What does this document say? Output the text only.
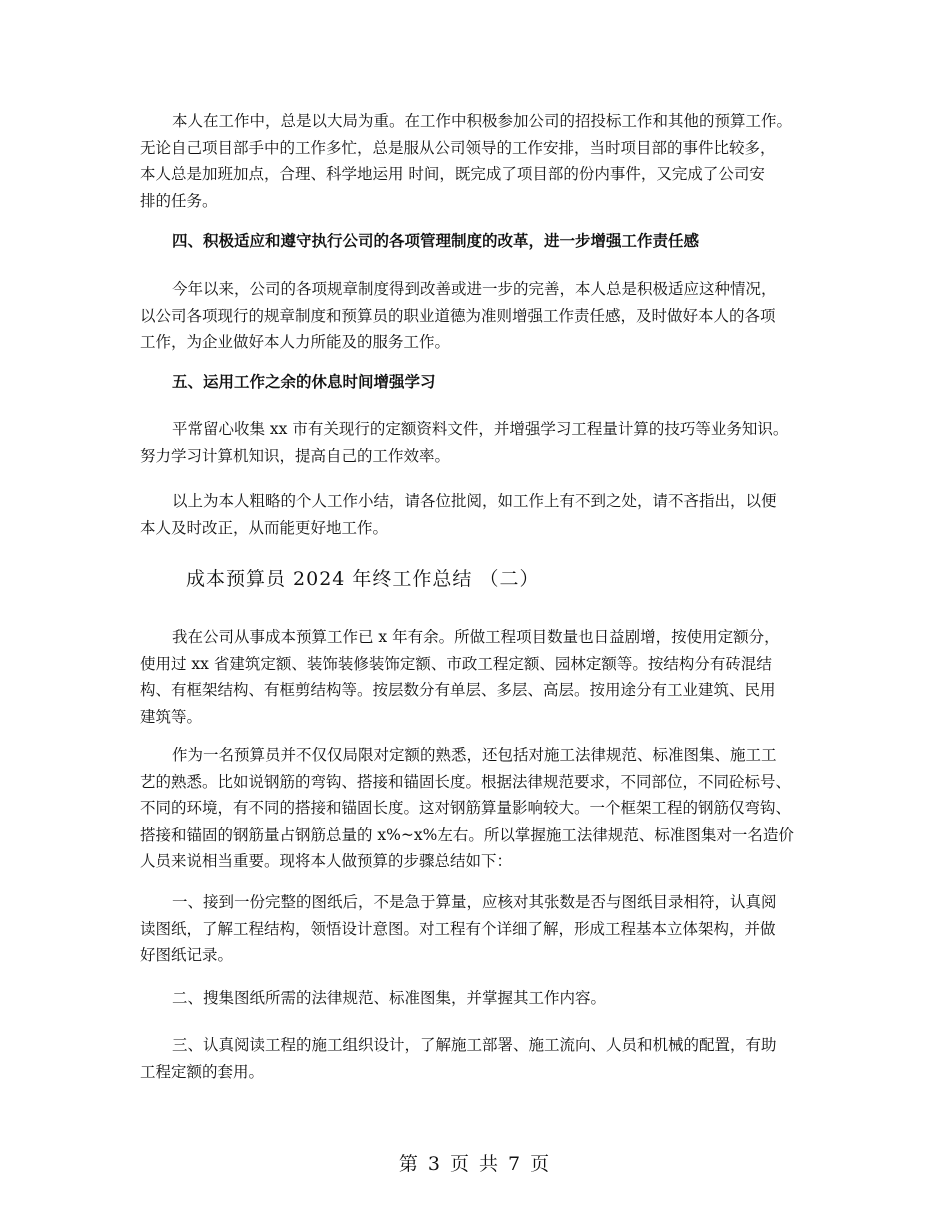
本人在工作中，总是以大局为重。在工作中积极参加公司的招投标工作和其他的预算工作。
无论自己项目部手中的工作多忙，总是服从公司领导的工作安排，当时项目部的事件比较多，
本人总是加班加点，合理、科学地运用 时间，既完成了项目部的份内事件，又完成了公司安
排的任务。
四、积极适应和遵守执行公司的各项管理制度的改革，进一步增强工作责任感
今年以来，公司的各项规章制度得到改善或进一步的完善，本人总是积极适应这种情况，
以公司各项现行的规章制度和预算员的职业道德为准则增强工作责任感，及时做好本人的各项
工作，为企业做好本人力所能及的服务工作。
五、运用工作之余的休息时间增强学习
平常留心收集 xx 市有关现行的定额资料文件，并增强学习工程量计算的技巧等业务知识。
努力学习计算机知识，提高自己的工作效率。
以上为本人粗略的个人工作小结，请各位批阅，如工作上有不到之处，请不吝指出，以便
本人及时改正，从而能更好地工作。
成本预算员 2024 年终工作总结 （二）
我在公司从事成本预算工作已 x 年有余。所做工程项目数量也日益剧增，按使用定额分，
使用过 xx 省建筑定额、装饰装修装饰定额、市政工程定额、园林定额等。按结构分有砖混结
构、有框架结构、有框剪结构等。按层数分有单层、多层、高层。按用途分有工业建筑、民用
建筑等。
作为一名预算员并不仅仅局限对定额的熟悉，还包括对施工法律规范、标准图集、施工工
艺的熟悉。比如说钢筋的弯钩、搭接和锚固长度。根据法律规范要求，不同部位，不同砼标号、
不同的环境，有不同的搭接和锚固长度。这对钢筋算量影响较大。一个框架工程的钢筋仅弯钩、
搭接和锚固的钢筋量占钢筋总量的 x%~x%左右。所以掌握施工法律规范、标准图集对一名造价
人员来说相当重要。现将本人做预算的步骤总结如下：
一、接到一份完整的图纸后，不是急于算量，应核对其张数是否与图纸目录相符，认真阅
读图纸，了解工程结构，领悟设计意图。对工程有个详细了解，形成工程基本立体架构，并做
好图纸记录。
二、搜集图纸所需的法律规范、标准图集，并掌握其工作内容。
三、认真阅读工程的施工组织设计，了解施工部署、施工流向、人员和机械的配置，有助
工程定额的套用。
第 3 页 共 7 页
